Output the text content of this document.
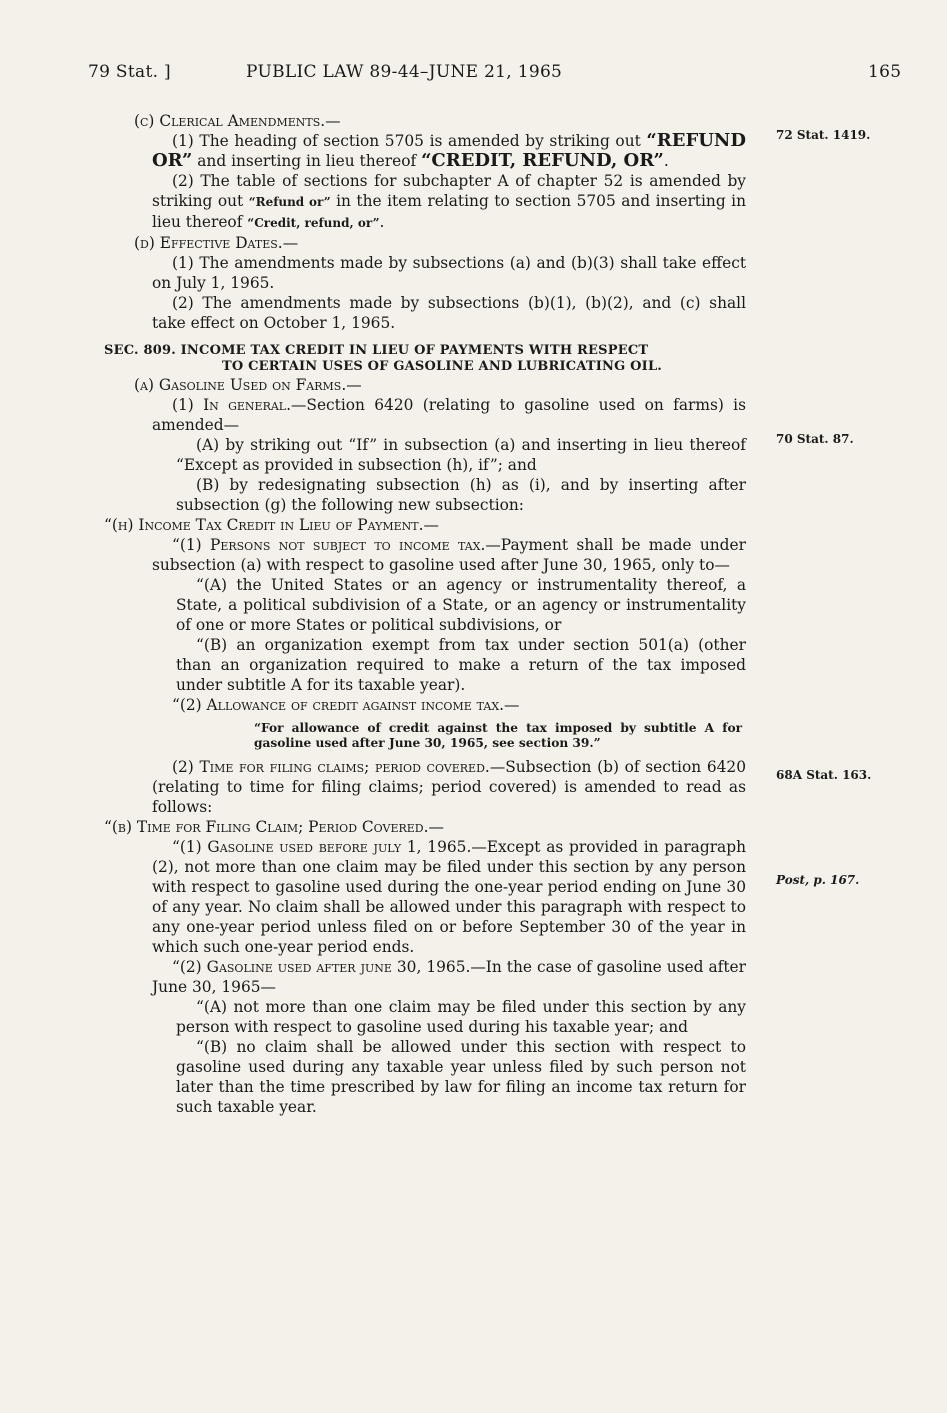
79 Stat. ]	PUBLIC LAW 89-44–JUNE 21, 1965	165
72 Stat. 1419.
70 Stat. 87.
68A Stat. 163.
Post, p. 167.

(c) Clerical Amendments.—

(1) The heading of section 5705 is amended by striking out “REFUND OR” and inserting in lieu thereof “CREDIT, REFUND, OR”.

(2) The table of sections for subchapter A of chapter 52 is amended by striking out “Refund or” in the item relating to section 5705 and inserting in lieu thereof “Credit, refund, or”.

(d) Effective Dates.—

(1) The amendments made by subsections (a) and (b)(3) shall take effect on July 1, 1965.

(2) The amendments made by subsections (b)(1), (b)(2), and (c) shall take effect on October 1, 1965.

SEC. 809. INCOME TAX CREDIT IN LIEU OF PAYMENTS WITH RESPECT
TO CERTAIN USES OF GASOLINE AND LUBRICATING OIL.

(a) Gasoline Used on Farms.—

(1) In general.—Section 6420 (relating to gasoline used on farms) is amended—

(A) by striking out “If” in subsection (a) and inserting in lieu thereof “Except as provided in subsection (h), if”; and

(B) by redesignating subsection (h) as (i), and by inserting after subsection (g) the following new subsection:

“(h) Income Tax Credit in Lieu of Payment.—

“(1) Persons not subject to income tax.—Payment shall be made under subsection (a) with respect to gasoline used after June 30, 1965, only to—

“(A) the United States or an agency or instrumentality thereof, a State, a political subdivision of a State, or an agency or instrumentality of one or more States or political subdivisions, or

“(B) an organization exempt from tax under section 501(a) (other than an organization required to make a return of the tax imposed under subtitle A for its taxable year).

“(2) Allowance of credit against income tax.—

“For allowance of credit against the tax imposed by subtitle A for gasoline used after June 30, 1965, see section 39.”

(2) Time for filing claims; period covered.—Subsection (b) of section 6420 (relating to time for filing claims; period covered) is amended to read as follows:

“(b) Time for Filing Claim; Period Covered.—

“(1) Gasoline used before july 1, 1965.—Except as provided in paragraph (2), not more than one claim may be filed under this section by any person with respect to gasoline used during the one-year period ending on June 30 of any year. No claim shall be allowed under this paragraph with respect to any one-year period unless filed on or before September 30 of the year in which such one-year period ends.

“(2) Gasoline used after june 30, 1965.—In the case of gasoline used after June 30, 1965—

“(A) not more than one claim may be filed under this section by any person with respect to gasoline used during his taxable year; and

“(B) no claim shall be allowed under this section with respect to gasoline used during any taxable year unless filed by such person not later than the time prescribed by law for filing an income tax return for such taxable year.
